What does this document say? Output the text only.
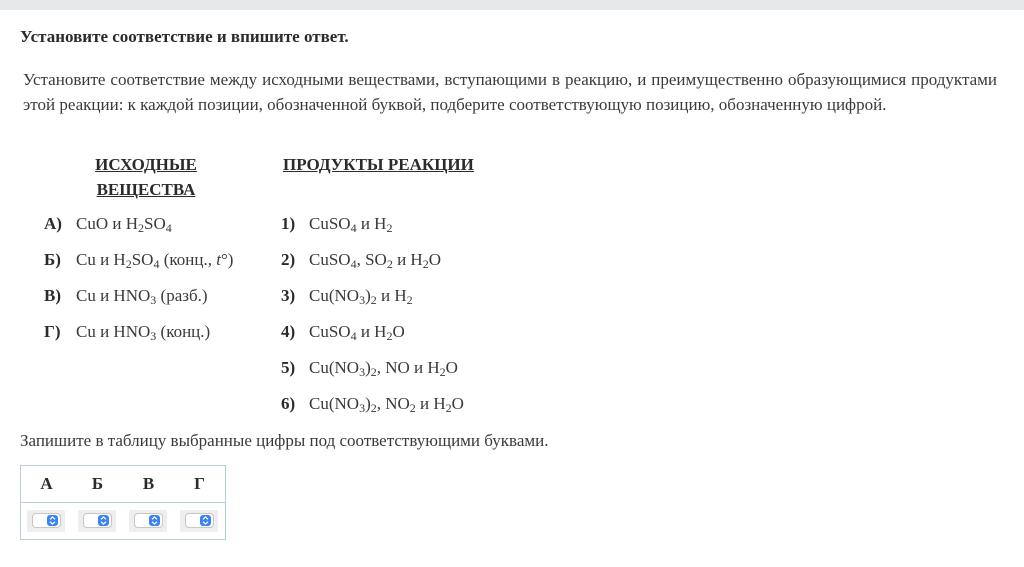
Установите соответствие и впишите ответ.
Установите соответствие между исходными веществами, вступающими в реакцию, и преимущественно образующимися продуктами этой реакции: к каждой позиции, обозначенной буквой, подберите соответствующую позицию, обозначенную цифрой.
ИСХОДНЫЕ ВЕЩЕСТВА
ПРОДУКТЫ РЕАКЦИИ
А) CuO и $H_2SO_4$
Б) Cu и $H_2SO_4$ (конц., t°)
В) Cu и $HNO_3$ (разб.)
Г) Cu и $HNO_3$ (конц.)
1) CuSO$_4$ и $H_2$
2) CuSO$_4$, $SO_2$ и $H_2O$
3) $Cu(NO_3)_2$ и $H_2$
4) CuSO$_4$ и $H_2O$
5) $Cu(NO_3)_2$, NO и $H_2O$
6) $Cu(NO_3)_2$, $NO_2$ и $H_2O$
Запишите в таблицу выбранные цифры под соответствующими буквами.
А	Б	В	Г
